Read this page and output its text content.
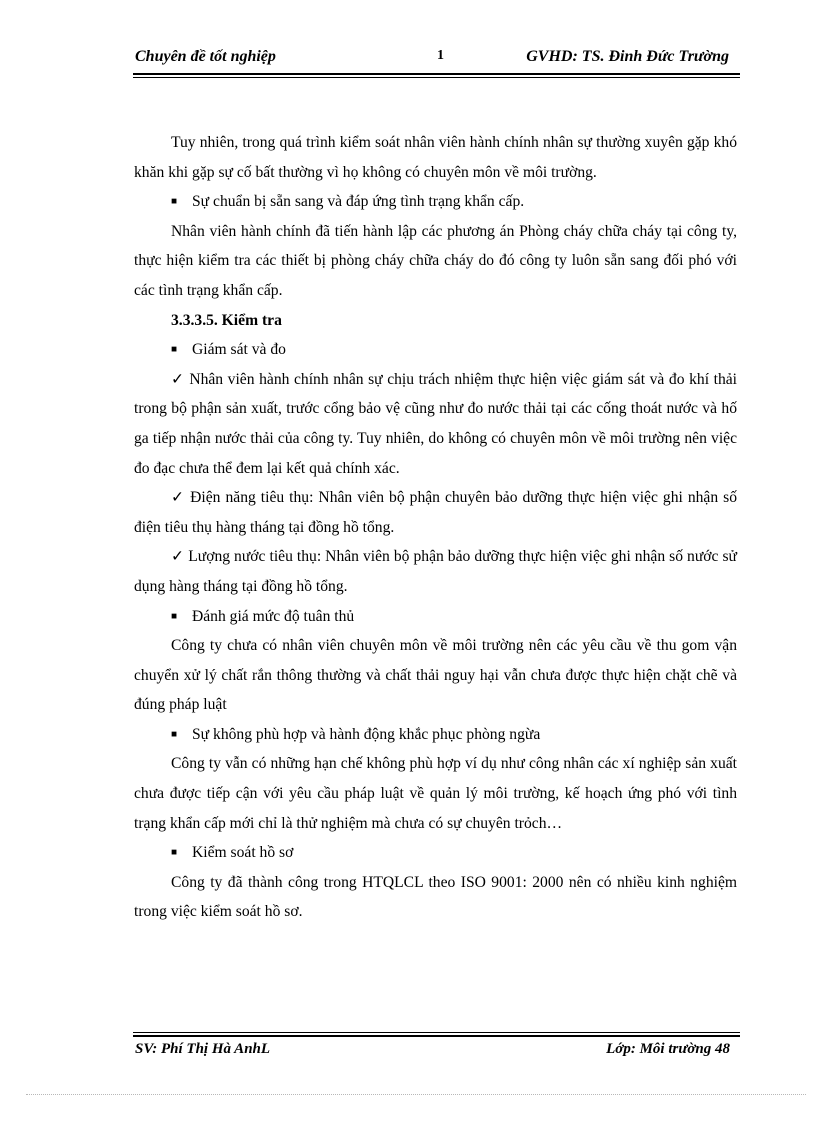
Chuyên đề tốt nghiệp	1	GVHD: TS. Đinh Đức Trường

Tuy nhiên, trong quá trình kiểm soát nhân viên hành chính nhân sự thường xuyên gặp khó khăn khi gặp sự cố bất thường vì họ không có chuyên môn về môi trường.

■ Sự chuẩn bị sẵn sang và đáp ứng tình trạng khẩn cấp.

Nhân viên hành chính đã tiến hành lập các phương án Phòng cháy chữa cháy tại công ty, thực hiện kiểm tra các thiết bị phòng cháy chữa cháy do đó công ty luôn sẵn sang đối phó với các tình trạng khẩn cấp.

3.3.3.5. Kiểm tra

■ Giám sát và đo

✓ Nhân viên hành chính nhân sự chịu trách nhiệm thực hiện việc giám sát và đo khí thải trong bộ phận sản xuất, trước cổng bảo vệ cũng như đo nước thải tại các cống thoát nước và hố ga tiếp nhận nước thải của công ty. Tuy nhiên, do không có chuyên môn về môi trường nên việc đo đạc chưa thể đem lại kết quả chính xác.

✓ Điện năng tiêu thụ: Nhân viên bộ phận chuyên bảo dưỡng thực hiện việc ghi nhận số điện tiêu thụ hàng tháng tại đồng hồ tổng.

✓ Lượng nước tiêu thụ: Nhân viên bộ phận bảo dưỡng thực hiện việc ghi nhận số nước sử dụng hàng tháng tại đồng hồ tổng.

■ Đánh giá mức độ tuân thủ

Công ty chưa có nhân viên chuyên môn về môi trường nên các yêu cầu về thu gom vận chuyển xử lý chất rắn thông thường và chất thải nguy hại vẫn chưa được thực hiện chặt chẽ và đúng pháp luật

■ Sự không phù hợp và hành động khắc phục phòng ngừa

Công ty vẫn có những hạn chế không phù hợp ví dụ như công nhân các xí nghiệp sản xuất chưa được tiếp cận với yêu cầu pháp luật về quản lý môi trường, kế hoạch ứng phó với tình trạng khẩn cấp mới chỉ là thử nghiệm mà chưa có sự chuyên trỏch…

■ Kiểm soát hồ sơ

Công ty đã thành công trong HTQLCL theo ISO 9001: 2000 nên có nhiều kinh nghiệm trong việc kiểm soát hồ sơ.

SV: Phí Thị Hà AnhL	Lớp: Môi trường 48
